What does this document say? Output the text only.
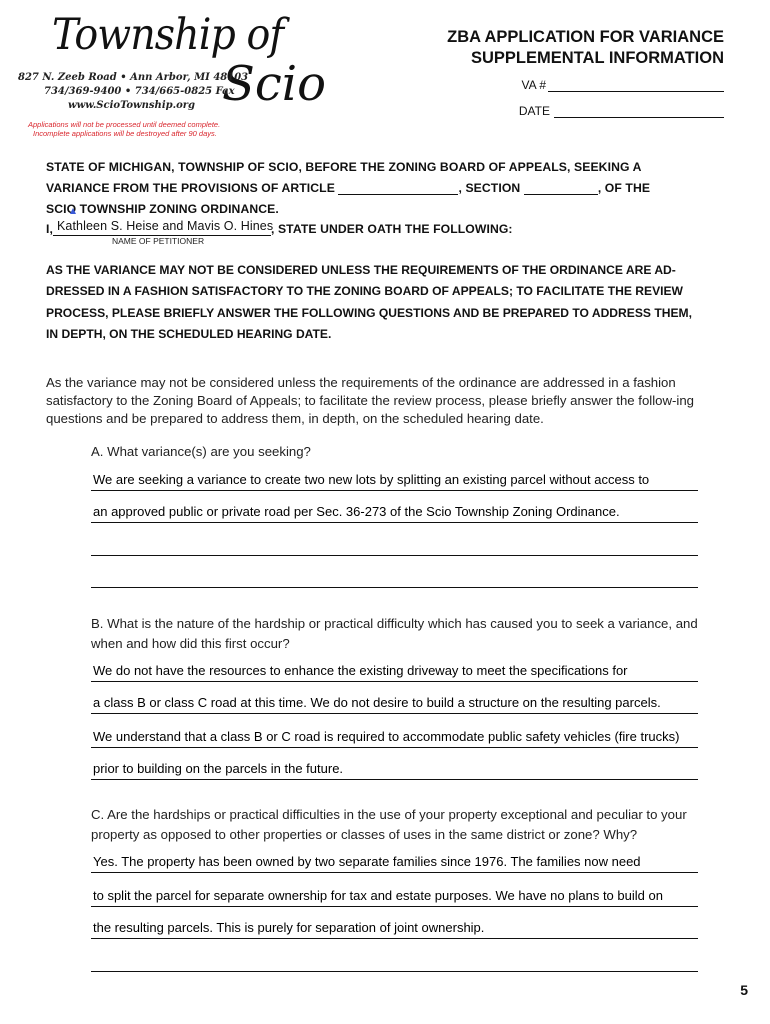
Township of
Scio
827 N. Zeeb Road • Ann Arbor, MI 48103
734/369-9400 • 734/665-0825 Fax
www.ScioTownship.org
Applications will not be processed until deemed complete.
Incomplete applications will be destroyed after 90 days.
ZBA APPLICATION FOR VARIANCE
SUPPLEMENTAL INFORMATION
VA #
DATE
STATE OF MICHIGAN, TOWNSHIP OF SCIO, BEFORE THE ZONING BOARD OF APPEALS, SEEKING A
VARIANCE FROM THE PROVISIONS OF ARTICLE	, SECTION	, OF THE
SCIO TOWNSHIP ZONING ORDINANCE.
I, Kathleen S. Heise and Mavis O. Hines
, STATE UNDER OATH THE FOLLOWING:
NAME OF PETITIONER
AS THE VARIANCE MAY NOT BE CONSIDERED UNLESS THE REQUIREMENTS OF THE ORDINANCE ARE AD-DRESSED IN A FASHION SATISFACTORY TO THE ZONING BOARD OF APPEALS; TO FACILITATE THE REVIEW PROCESS, PLEASE BRIEFLY ANSWER THE FOLLOWING QUESTIONS AND BE PREPARED TO ADDRESS THEM, IN DEPTH, ON THE SCHEDULED HEARING DATE.
As the variance may not be considered unless the requirements of the ordinance are addressed in a fashion satisfactory to the Zoning Board of Appeals; to facilitate the review process, please briefly answer the follow-ing questions and be prepared to address them, in depth, on the scheduled hearing date.
A. What variance(s) are you seeking?
We are seeking a variance to create two new lots by splitting an existing parcel without access to
an approved public or private road per Sec. 36-273 of the Scio Township Zoning Ordinance.
B. What is the nature of the hardship or practical difficulty which has caused you to seek a variance, and when and how did this first occur?
We do not have the resources to enhance the existing driveway to meet the specifications for
a class B or class C road at this time. We do not desire to build a structure on the resulting parcels.
We understand that a class B or C road is required to accommodate public safety vehicles (fire trucks)
prior to building on the parcels in the future.
C. Are the hardships or practical difficulties in the use of your property exceptional and peculiar to your property as opposed to other properties or classes of uses in the same district or zone? Why?
Yes. The property has been owned by two separate families since 1976. The families now need
to split the parcel for separate ownership for tax and estate purposes. We have no plans to build on
the resulting parcels. This is purely for separation of joint ownership.
5
